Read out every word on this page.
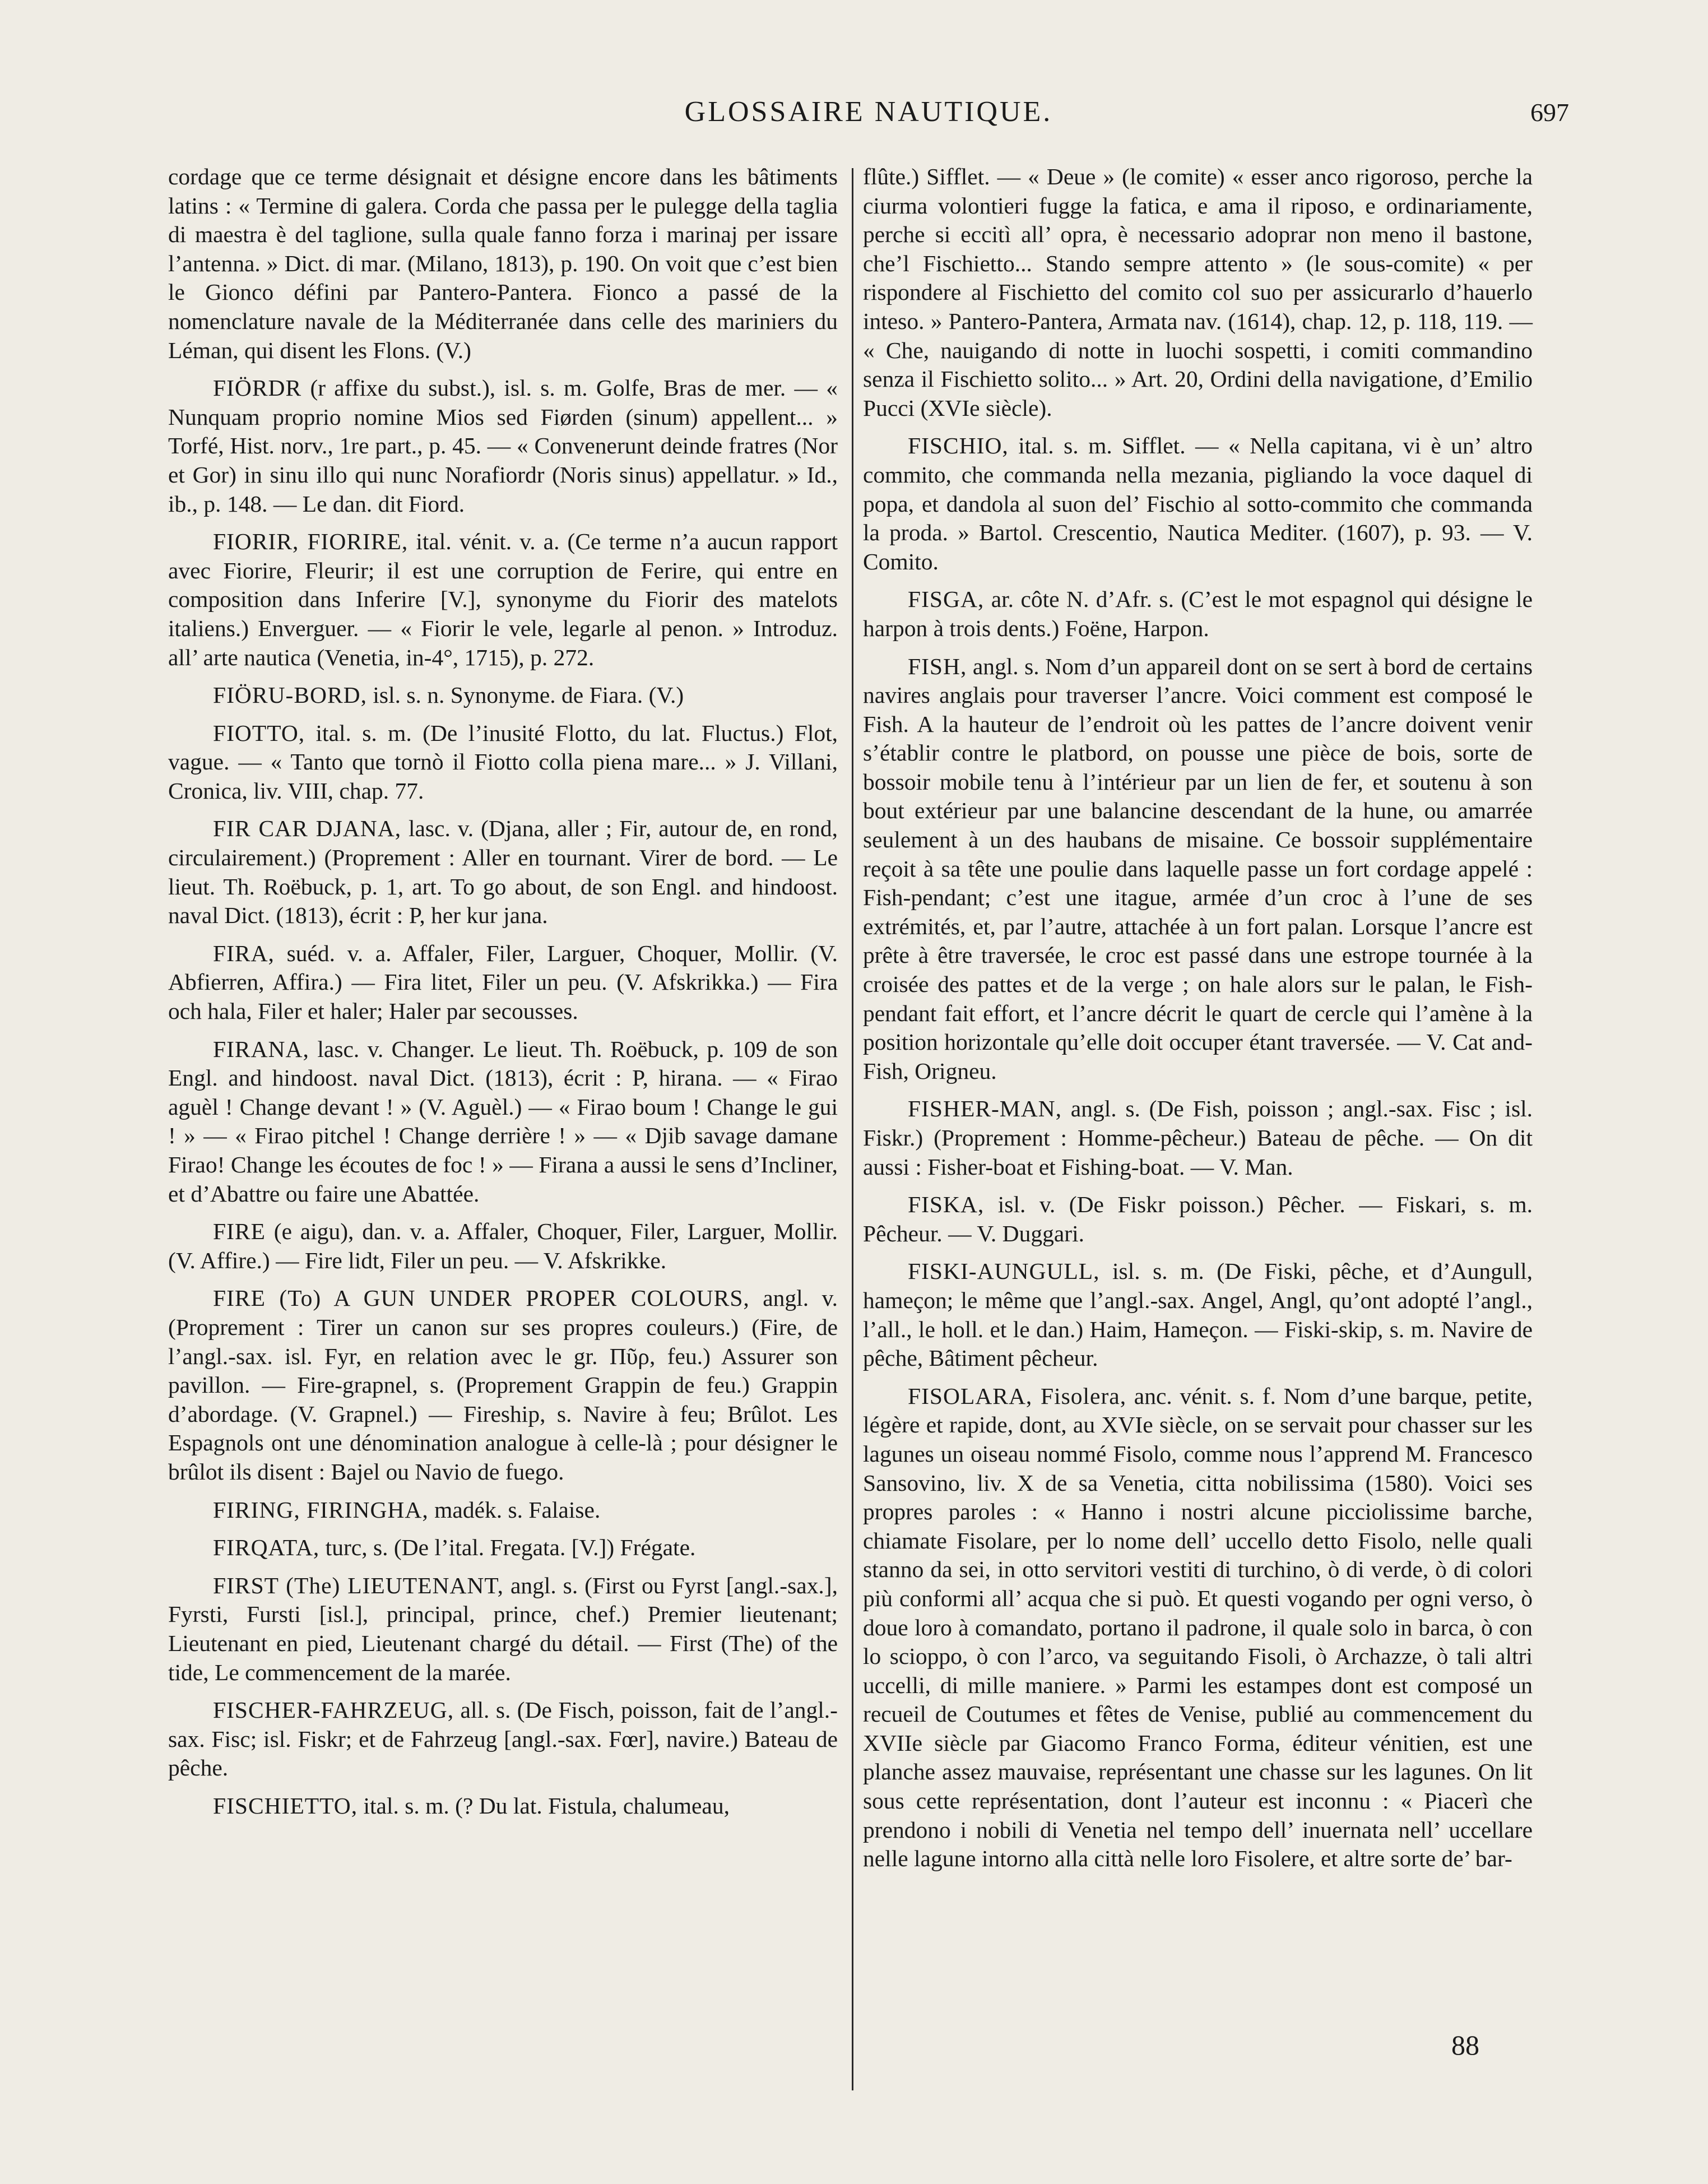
GLOSSAIRE NAUTIQUE.	697

cordage que ce terme désignait et désigne encore dans les bâtiments latins : « Termine di galera. Corda che passa per le pulegge della taglia di maestra è del taglione, sulla quale fanno forza i marinaj per issare l’antenna. » Dict. di mar. (Milano, 1813), p. 190. On voit que c’est bien le Gionco défini par Pantero-Pantera. Fionco a passé de la nomenclature navale de la Méditerranée dans celle des mariniers du Léman, qui disent les Flons. (V.)

FIÖRDR (r affixe du subst.), isl. s. m. Golfe, Bras de mer. — « Nunquam proprio nomine Mios sed Fiørden (sinum) appellent... » Torfé, Hist. norv., 1re part., p. 45. — « Convenerunt deinde fratres (Nor et Gor) in sinu illo qui nunc Norafiordr (Noris sinus) appellatur. » Id., ib., p. 148. — Le dan. dit Fiord.

FIORIR, FIORIRE, ital. vénit. v. a. (Ce terme n’a aucun rapport avec Fiorire, Fleurir; il est une corruption de Ferire, qui entre en composition dans Inferire [V.], synonyme du Fiorir des matelots italiens.) Enverguer. — « Fiorir le vele, legarle al penon. » Introduz. all’ arte nautica (Venetia, in-4°, 1715), p. 272.

FIÖRU-BORD, isl. s. n. Synonyme. de Fiara. (V.)

FIOTTO, ital. s. m. (De l’inusité Flotto, du lat. Fluctus.) Flot, vague. — « Tanto que tornò il Fiotto colla piena mare... » J. Villani, Cronica, liv. VIII, chap. 77.

FIR CAR DJANA, lasc. v. (Djana, aller ; Fir, autour de, en rond, circulairement.) (Proprement : Aller en tournant. Virer de bord. — Le lieut. Th. Roëbuck, p. 1, art. To go about, de son Engl. and hindoost. naval Dict. (1813), écrit : P, her kur jana.

FIRA, suéd. v. a. Affaler, Filer, Larguer, Choquer, Mollir. (V. Abfierren, Affira.) — Fira litet, Filer un peu. (V. Afskrikka.) — Fira och hala, Filer et haler; Haler par secousses.

FIRANA, lasc. v. Changer. Le lieut. Th. Roëbuck, p. 109 de son Engl. and hindoost. naval Dict. (1813), écrit : P, hirana. — « Firao aguèl ! Change devant ! » (V. Aguèl.) — « Firao boum ! Change le gui ! » — « Firao pitchel ! Change derrière ! » — « Djib savage damane Firao! Change les écoutes de foc ! » — Firana a aussi le sens d’Incliner, et d’Abattre ou faire une Abattée.

FIRE (e aigu), dan. v. a. Affaler, Choquer, Filer, Larguer, Mollir. (V. Affire.) — Fire lidt, Filer un peu. — V. Afskrikke.

FIRE (To) A GUN UNDER PROPER COLOURS, angl. v. (Proprement : Tirer un canon sur ses propres couleurs.) (Fire, de l’angl.-sax. isl. Fyr, en relation avec le gr. Πῦρ, feu.) Assurer son pavillon. — Fire-grapnel, s. (Proprement Grappin de feu.) Grappin d’abordage. (V. Grapnel.) — Fireship, s. Navire à feu; Brûlot. Les Espagnols ont une dénomination analogue à celle-là ; pour désigner le brûlot ils disent : Bajel ou Navio de fuego.

FIRING, FIRINGHA, madék. s. Falaise.

FIRQATA, turc, s. (De l’ital. Fregata. [V.]) Frégate.

FIRST (The) LIEUTENANT, angl. s. (First ou Fyrst [angl.-sax.], Fyrsti, Fursti [isl.], principal, prince, chef.) Premier lieutenant; Lieutenant en pied, Lieutenant chargé du détail. — First (The) of the tide, Le commencement de la marée.

FISCHER-FAHRZEUG, all. s. (De Fisch, poisson, fait de l’angl.-sax. Fisc; isl. Fiskr; et de Fahrzeug [angl.-sax. Fœr], navire.) Bateau de pêche.

FISCHIETTO, ital. s. m. (? Du lat. Fistula, chalumeau,

flûte.) Sifflet. — « Deue » (le comite) « esser anco rigoroso, perche la ciurma volontieri fugge la fatica, e ama il riposo, e ordinariamente, perche si eccitì all’ opra, è necessario adoprar non meno il bastone, che’l Fischietto... Stando sempre attento » (le sous-comite) « per rispondere al Fischietto del comito col suo per assicurarlo d’hauerlo inteso. » Pantero-Pantera, Armata nav. (1614), chap. 12, p. 118, 119. — « Che, nauigando di notte in luochi sospetti, i comiti commandino senza il Fischietto solito... » Art. 20, Ordini della navigatione, d’Emilio Pucci (XVIe siècle).

FISCHIO, ital. s. m. Sifflet. — « Nella capitana, vi è un’ altro commito, che commanda nella mezania, pigliando la voce daquel di popa, et dandola al suon del’ Fischio al sotto-commito che commanda la proda. » Bartol. Crescentio, Nautica Mediter. (1607), p. 93. — V. Comito.

FISGA, ar. côte N. d’Afr. s. (C’est le mot espagnol qui désigne le harpon à trois dents.) Foëne, Harpon.

FISH, angl. s. Nom d’un appareil dont on se sert à bord de certains navires anglais pour traverser l’ancre. Voici comment est composé le Fish. A la hauteur de l’endroit où les pattes de l’ancre doivent venir s’établir contre le platbord, on pousse une pièce de bois, sorte de bossoir mobile tenu à l’intérieur par un lien de fer, et soutenu à son bout extérieur par une balancine descendant de la hune, ou amarrée seulement à un des haubans de misaine. Ce bossoir supplémentaire reçoit à sa tête une poulie dans laquelle passe un fort cordage appelé : Fish-pendant; c’est une itague, armée d’un croc à l’une de ses extrémités, et, par l’autre, attachée à un fort palan. Lorsque l’ancre est prête à être traversée, le croc est passé dans une estrope tournée à la croisée des pattes et de la verge ; on hale alors sur le palan, le Fish-pendant fait effort, et l’ancre décrit le quart de cercle qui l’amène à la position horizontale qu’elle doit occuper étant traversée. — V. Cat and-Fish, Origneu.

FISHER-MAN, angl. s. (De Fish, poisson ; angl.-sax. Fisc ; isl. Fiskr.) (Proprement : Homme-pêcheur.) Bateau de pêche. — On dit aussi : Fisher-boat et Fishing-boat. — V. Man.

FISKA, isl. v. (De Fiskr poisson.) Pêcher. — Fiskari, s. m. Pêcheur. — V. Duggari.

FISKI-AUNGULL, isl. s. m. (De Fiski, pêche, et d’Aungull, hameçon; le même que l’angl.-sax. Angel, Angl, qu’ont adopté l’angl., l’all., le holl. et le dan.) Haim, Hameçon. — Fiski-skip, s. m. Navire de pêche, Bâtiment pêcheur.

FISOLARA, Fisolera, anc. vénit. s. f. Nom d’une barque, petite, légère et rapide, dont, au XVIe siècle, on se servait pour chasser sur les lagunes un oiseau nommé Fisolo, comme nous l’apprend M. Francesco Sansovino, liv. X de sa Venetia, citta nobilissima (1580). Voici ses propres paroles : « Hanno i nostri alcune picciolissime barche, chiamate Fisolare, per lo nome dell’ uccello detto Fisolo, nelle quali stanno da sei, in otto servitori vestiti di turchino, ò di verde, ò di colori più conformi all’ acqua che si può. Et questi vogando per ogni verso, ò doue loro à comandato, portano il padrone, il quale solo in barca, ò con lo scioppo, ò con l’arco, va seguitando Fisoli, ò Archazze, ò tali altri uccelli, di mille maniere. » Parmi les estampes dont est composé un recueil de Coutumes et fêtes de Venise, publié au commencement du XVIIe siècle par Giacomo Franco Forma, éditeur vénitien, est une planche assez mauvaise, représentant une chasse sur les lagunes. On lit sous cette représentation, dont l’auteur est inconnu : « Piacerì che prendono i nobili di Venetia nel tempo dell’ inuernata nell’ uccellare nelle lagune intorno alla città nelle loro Fisolere, et altre sorte de’ bar-

88
